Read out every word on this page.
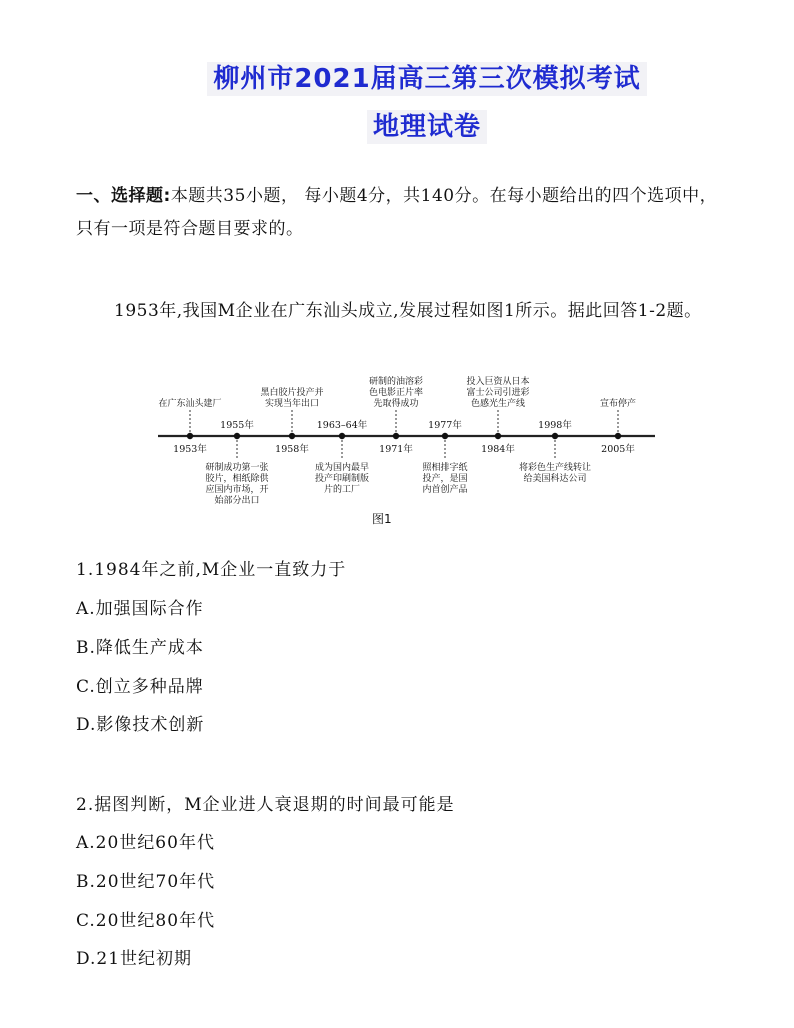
柳州市2021届高三第三次模拟考试
地理试卷
一、选择题:本题共35小题， 每小题4分，共140分。在每小题给出的四个选项中，只有一项是符合题目要求的。
1953年,我国M企业在广东汕头成立,发展过程如图1所示。据此回答1-2题。
1953年
1955年
1958年
1963–64年
1971年
1977年
1984年
1998年
2005年
在广东汕头建厂
黑白胶片投产并实现当年出口
研制的油溶彩色电影正片率先取得成功
投入巨资从日本富士公司引进彩色感光生产线	宣布停产
研制成功第一张胶片，相纸除供应国内市场，开始部分出口
成为国内最早投产印刷制版片的工厂
照相排字纸投产，是国内首创产品
将彩色生产线转让给美国科达公司
图1
1.1984年之前,M企业一直致力于
A.加强国际合作
B.降低生产成本
C.创立多种品牌
D.影像技术创新
2.据图判断，M企业进人衰退期的时间最可能是
A.20世纪60年代
B.20世纪70年代
C.20世纪80年代
D.21世纪初期
